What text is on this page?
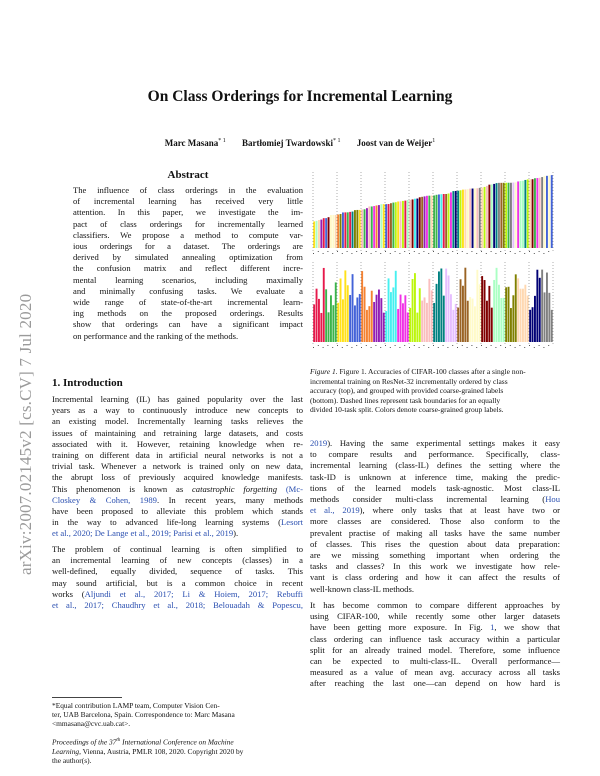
arXiv:2007.02145v2 [cs.CV] 7 Jul 2020
On Class Orderings for Incremental Learning
Marc Masana$^{* 1}$ Bartłomiej Twardowski$^{* 1}$ Joost van de Weijer$^1$
Abstract
The influence of class orderings in the evaluation
of incremental learning has received very little
attention. In this paper, we investigate the im-
pact of class orderings for incrementally learned
classifiers. We propose a method to compute var-
ious orderings for a dataset. The orderings are
derived by simulated annealing optimization from
the confusion matrix and reflect different incre-
mental learning scenarios, including maximally
and minimally confusing tasks. We evaluate a
wide range of state-of-the-art incremental learn-
ing methods on the proposed orderings. Results
show that orderings can have a significant impact
on performance and the ranking of the methods.
1. Introduction
Incremental learning (IL) has gained popularity over the last
years as a way to continuously introduce new concepts to
an existing model. Incrementally learning tasks relieves the
issues of maintaining and retraining large datasets, and costs
associated with it. However, retaining knowledge when re-
training on different data in artificial neural networks is not a
trivial task. Whenever a network is trained only on new data,
the abrupt loss of previously acquired knowledge manifests.
This phenomenon is known as catastrophic forgetting (Mc-
Closkey & Cohen, 1989. In recent years, many methods
have been proposed to alleviate this problem which stands
in the way to advanced life-long learning systems (Lesort
et al., 2020; De Lange et al., 2019; Parisi et al., 2019).
The problem of continual learning is often simplified to
an incremental learning of new concepts (classes) in a
well-defined, equally divided, sequence of tasks. This
may sound artificial, but is a common choice in recent
works (Aljundi et al., 2017; Li & Hoiem, 2017; Rebuffi
et al., 2017; Chaudhry et al., 2018; Belouadah & Popescu,
*Equal contribution LAMP team, Computer Vision Cen-
ter, UAB Barcelona, Spain. Correspondence to: Marc Masana
<mmasana@cvc.uab.cat>.
Proceedings of the 37th International Conference on Machine
Learning, Vienna, Austria, PMLR 108, 2020. Copyright 2020 by
the author(s).
Figure 1. Figure 1. Accuracies of CIFAR-100 classes after a single non-
incremental training on ResNet-32 incrementally ordered by class
accuracy (top), and grouped with provided coarse-grained labels
(bottom). Dashed lines represent task boundaries for an equally
divided 10-task split. Colors denote coarse-grained group labels.
2019). Having the same experimental settings makes it easy
to compare results and performance. Specifically, class-
incremental learning (class-IL) defines the setting where the
task-ID is unknown at inference time, making the predic-
tions of the learned models task-agnostic. Most class-IL
methods consider multi-class incremental learning (Hou
et al., 2019), where only tasks that at least have two or
more classes are considered. Those also conform to the
prevalent practise of making all tasks have the same number
of classes. This rises the question about data preparation:
are we missing something important when ordering the
tasks and classes? In this work we investigate how rele-
vant is class ordering and how it can affect the results of
well-known class-IL methods.
It has become common to compare different approaches by
using CIFAR-100, while recently some other larger datasets
have been getting more exposure. In Fig. 1, we show that
class ordering can influence task accuracy within a particular
split for an already trained model. Therefore, some influence
can be expected to multi-class-IL. Overall performance—
measured as a value of mean avg. accuracy across all tasks
after reaching the last one—can depend on how hard is
